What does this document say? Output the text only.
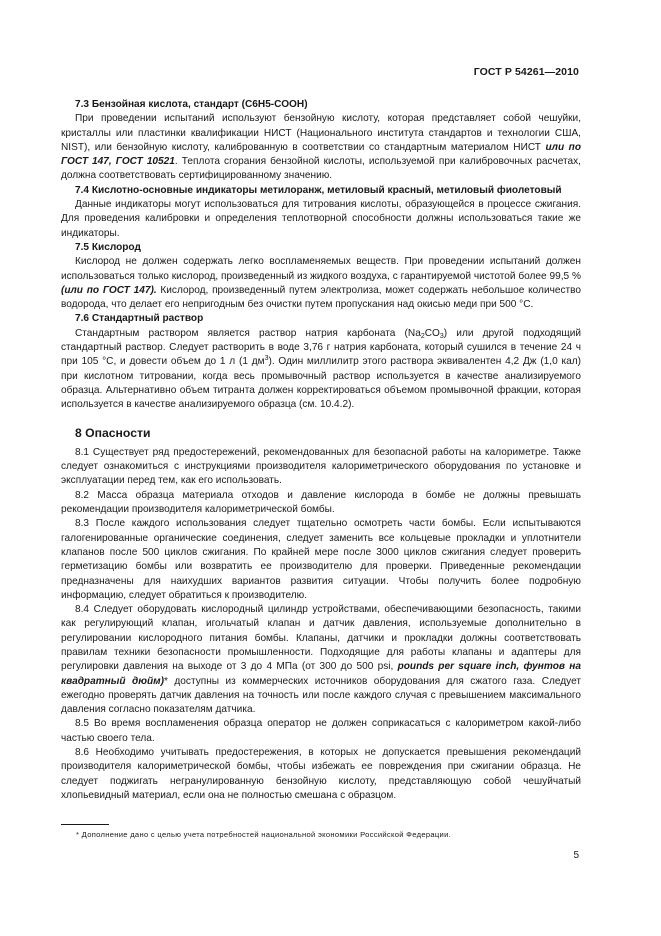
ГОСТ Р 54261—2010

7.3 Бензойная кислота, стандарт (С6Н5-СООН)

При проведении испытаний используют бензойную кислоту, которая представляет собой чешуйки, кристаллы или пластинки квалификации НИСТ (Национального института стандартов и технологии США, NIST), или бензойную кислоту, калиброванную в соответствии со стандартным материалом НИСТ или по ГОСТ 147, ГОСТ 10521. Теплота сгорания бензойной кислоты, используемой при калибровочных расчетах, должна соответствовать сертифицированному значению.

7.4 Кислотно-основные индикаторы метилоранж, метиловый красный, метиловый фиолетовый

Данные индикаторы могут использоваться для титрования кислоты, образующейся в процессе сжигания. Для проведения калибровки и определения теплотворной способности должны использоваться такие же индикаторы.

7.5 Кислород

Кислород не должен содержать легко воспламеняемых веществ. При проведении испытаний должен использоваться только кислород, произведенный из жидкого воздуха, с гарантируемой чистотой более 99,5 % (или по ГОСТ 147). Кислород, произведенный путем электролиза, может содержать небольшое количество водорода, что делает его непригодным без очистки путем пропускания над окисью меди при 500 °С.

7.6 Стандартный раствор

Стандартным раствором является раствор натрия карбоната $(Na_2CO_3)$ или другой подходящий стандартный раствор. Следует растворить в воде 3,76 г натрия карбоната, который сушился в течение 24 ч при 105 °С, и довести объем до 1 л (1 $дм^3$). Один миллилитр этого раствора эквивалентен 4,2 Дж (1,0 кал) при кислотном титровании, когда весь промывочный раствор используется в качестве анализируемого образца. Альтернативно объем титранта должен корректироваться объемом промывочной фракции, которая используется в качестве анализируемого образца (см. 10.4.2).

8 Опасности

8.1 Существует ряд предостережений, рекомендованных для безопасной работы на калориметре. Также следует ознакомиться с инструкциями производителя калориметрического оборудования по установке и эксплуатации перед тем, как его использовать.

8.2 Масса образца материала отходов и давление кислорода в бомбе не должны превышать рекомендации производителя калориметрической бомбы.

8.3 После каждого использования следует тщательно осмотреть части бомбы. Если испытываются галогенированные органические соединения, следует заменить все кольцевые прокладки и уплотнители клапанов после 500 циклов сжигания. По крайней мере после 3000 циклов сжигания следует проверить герметизацию бомбы или возвратить ее производителю для проверки. Приведенные рекомендации предназначены для наихудших вариантов развития ситуации. Чтобы получить более подробную информацию, следует обратиться к производителю.

8.4 Следует оборудовать кислородный цилиндр устройствами, обеспечивающими безопасность, такими как регулирующий клапан, игольчатый клапан и датчик давления, используемые дополнительно в регулировании кислородного питания бомбы. Клапаны, датчики и прокладки должны соответствовать правилам техники безопасности промышленности. Подходящие для работы клапаны и адаптеры для регулировки давления на выходе от 3 до 4 МПа (от 300 до 500 psi, pounds per square inch, фунтов на квадратный дюйм)* доступны из коммерческих источников оборудования для сжатого газа. Следует ежегодно проверять датчик давления на точность или после каждого случая с превышением максимального давления согласно показателям датчика.

8.5 Во время воспламенения образца оператор не должен соприкасаться с калориметром какой-либо частью своего тела.

8.6 Необходимо учитывать предостережения, в которых не допускается превышения рекомендаций производителя калориметрической бомбы, чтобы избежать ее повреждения при сжигании образца. Не следует поджигать негранулированную бензойную кислоту, представляющую собой чешуйчатый хлопьевидный материал, если она не полностью смешана с образцом.

* Дополнение дано с целью учета потребностей национальной экономики Российской Федерации.
5
